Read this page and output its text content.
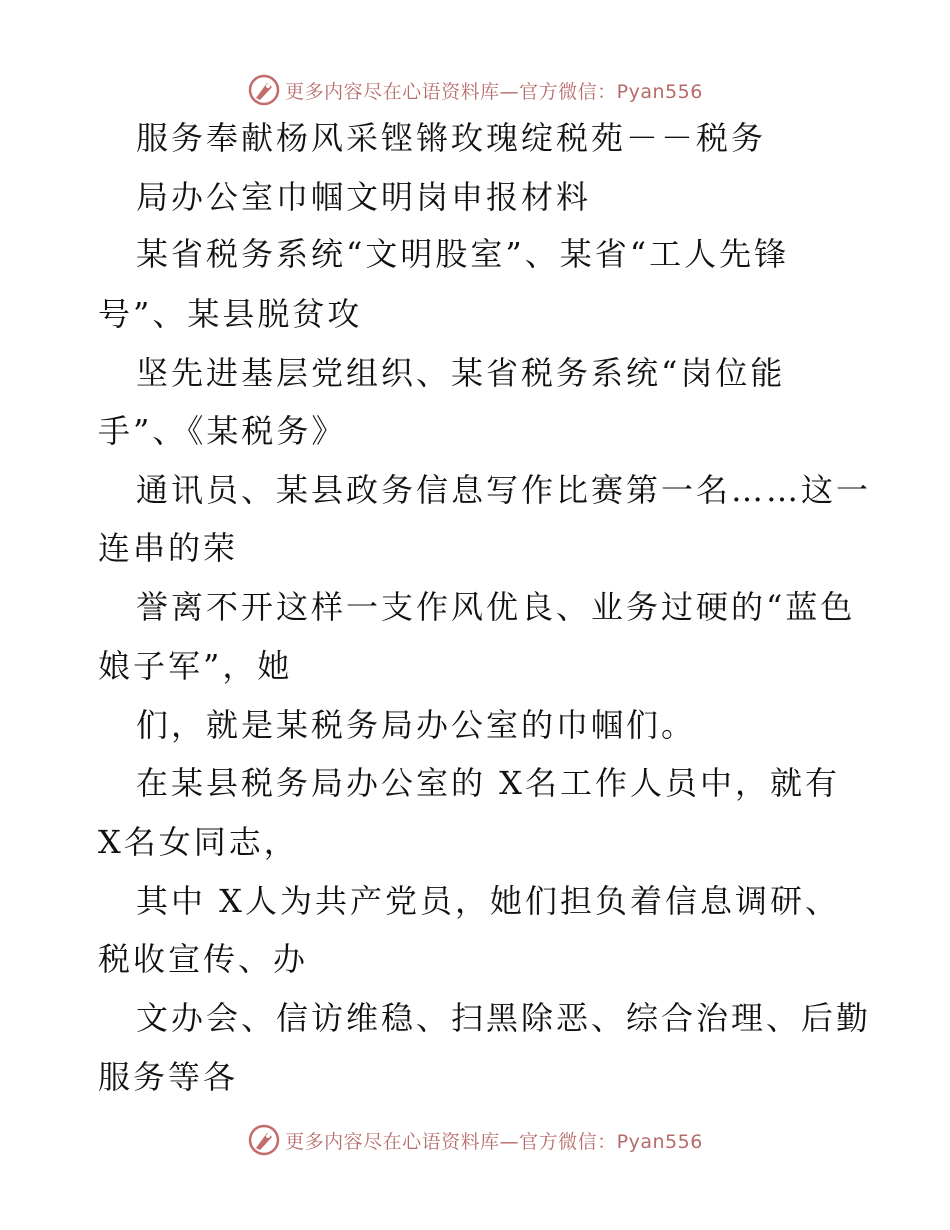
更多内容尽在心语资料库—官方微信：Pyan556
服务奉献杨风采铿锵玫瑰绽税苑－－税务
局办公室巾帼文明岗申报材料
某省税务系统“文明股室”、某省“工人先锋
号”、某县脱贫攻
坚先进基层党组织、某省税务系统“岗位能
手”、《某税务》
通讯员、某县政务信息写作比赛第一名……这一
连串的荣
誉离不开这样一支作风优良、业务过硬的“蓝色
娘子军”，她
们，就是某税务局办公室的巾帼们。
在某县税务局办公室的 X名工作人员中，就有
X名女同志，
其中 X人为共产党员，她们担负着信息调研、
税收宣传、办
文办会、信访维稳、扫黑除恶、综合治理、后勤
服务等各
更多内容尽在心语资料库—官方微信：Pyan556
